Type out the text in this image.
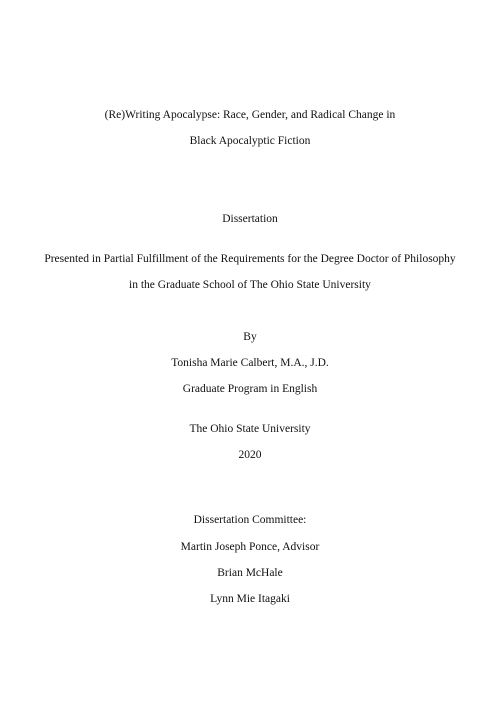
(Re)Writing Apocalypse: Race, Gender, and Radical Change in
Black Apocalyptic Fiction
Dissertation
Presented in Partial Fulfillment of the Requirements for the Degree Doctor of Philosophy
in the Graduate School of The Ohio State University
By
Tonisha Marie Calbert, M.A., J.D.
Graduate Program in English
The Ohio State University
2020
Dissertation Committee:
Martin Joseph Ponce, Advisor
Brian McHale
Lynn Mie Itagaki
